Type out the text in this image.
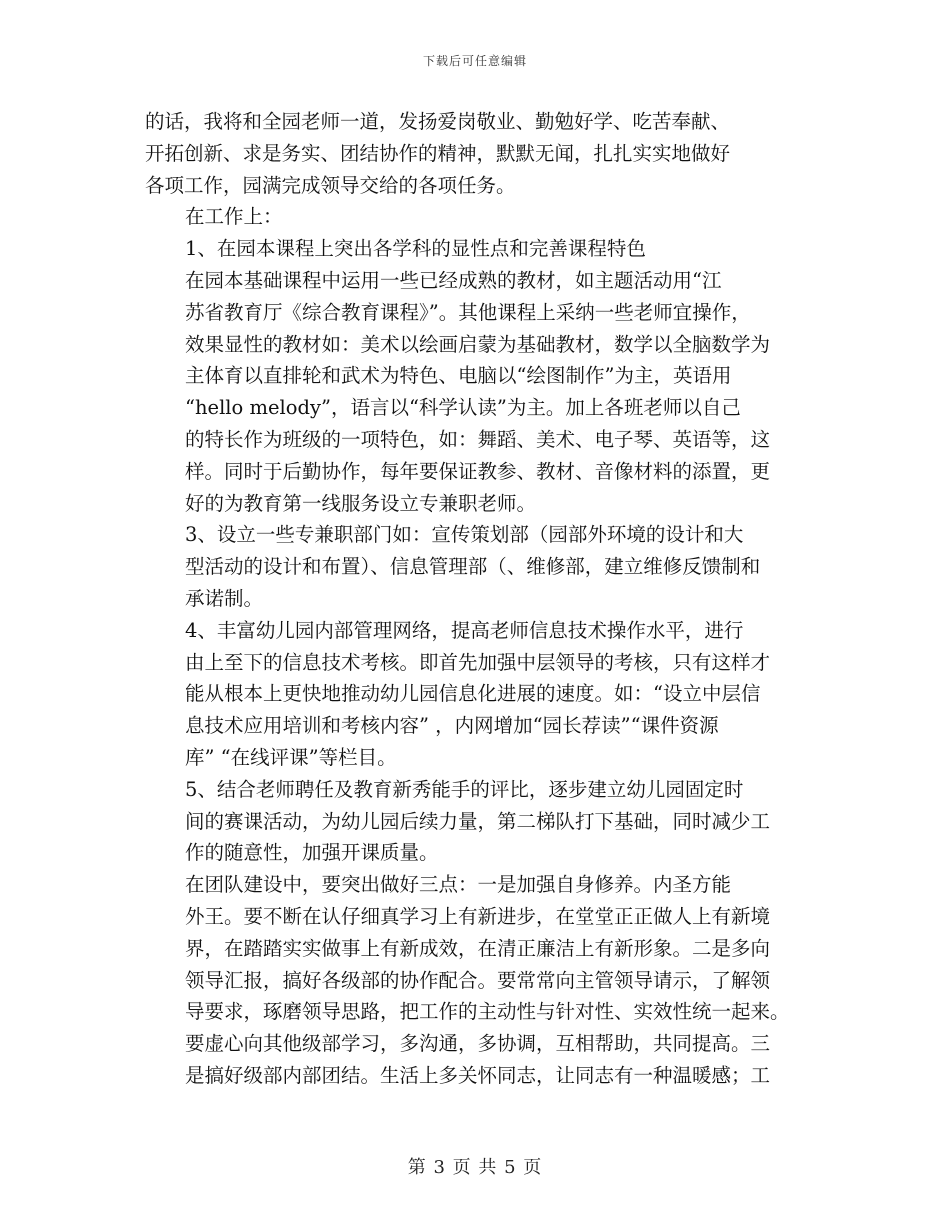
下载后可任意编辑

的话，我将和全园老师一道，发扬爱岗敬业、勤勉好学、吃苦奉献、
开拓创新、求是务实、团结协作的精神，默默无闻，扎扎实实地做好
各项工作，园满完成领导交给的各项任务。

在工作上：

1、在园本课程上突出各学科的显性点和完善课程特色

在园本基础课程中运用一些已经成熟的教材，如主题活动用“江
苏省教育厅《综合教育课程》”。其他课程上采纳一些老师宜操作，
效果显性的教材如：美术以绘画启蒙为基础教材，数学以全脑数学为
主体育以直排轮和武术为特色、电脑以“绘图制作”为主，英语用
“hello melody”，语言以“科学认读”为主。加上各班老师以自己
的特长作为班级的一项特色，如：舞蹈、美术、电子琴、英语等，这
样。同时于后勤协作，每年要保证教参、教材、音像材料的添置，更
好的为教育第一线服务设立专兼职老师。

3、设立一些专兼职部门如：宣传策划部（园部外环境的设计和大
型活动的设计和布置）、信息管理部（、维修部，建立维修反馈制和
承诺制。

4、丰富幼儿园内部管理网络，提高老师信息技术操作水平，进行
由上至下的信息技术考核。即首先加强中层领导的考核，只有这样才
能从根本上更快地推动幼儿园信息化进展的速度。如：“设立中层信
息技术应用培训和考核内容” ，内网增加“园长荐读”“课件资源
库” “在线评课”等栏目。

5、结合老师聘任及教育新秀能手的评比，逐步建立幼儿园固定时
间的赛课活动，为幼儿园后续力量，第二梯队打下基础，同时减少工
作的随意性，加强开课质量。

在团队建设中，要突出做好三点：一是加强自身修养。内圣方能
外王。要不断在认仔细真学习上有新进步，在堂堂正正做人上有新境
界，在踏踏实实做事上有新成效，在清正廉洁上有新形象。二是多向
领导汇报，搞好各级部的协作配合。要常常向主管领导请示，了解领
导要求，琢磨领导思路，把工作的主动性与针对性、实效性统一起来。
要虚心向其他级部学习，多沟通，多协调，互相帮助，共同提高。三
是搞好级部内部团结。生活上多关怀同志，让同志有一种温暖感；工

第 3 页 共 5 页
